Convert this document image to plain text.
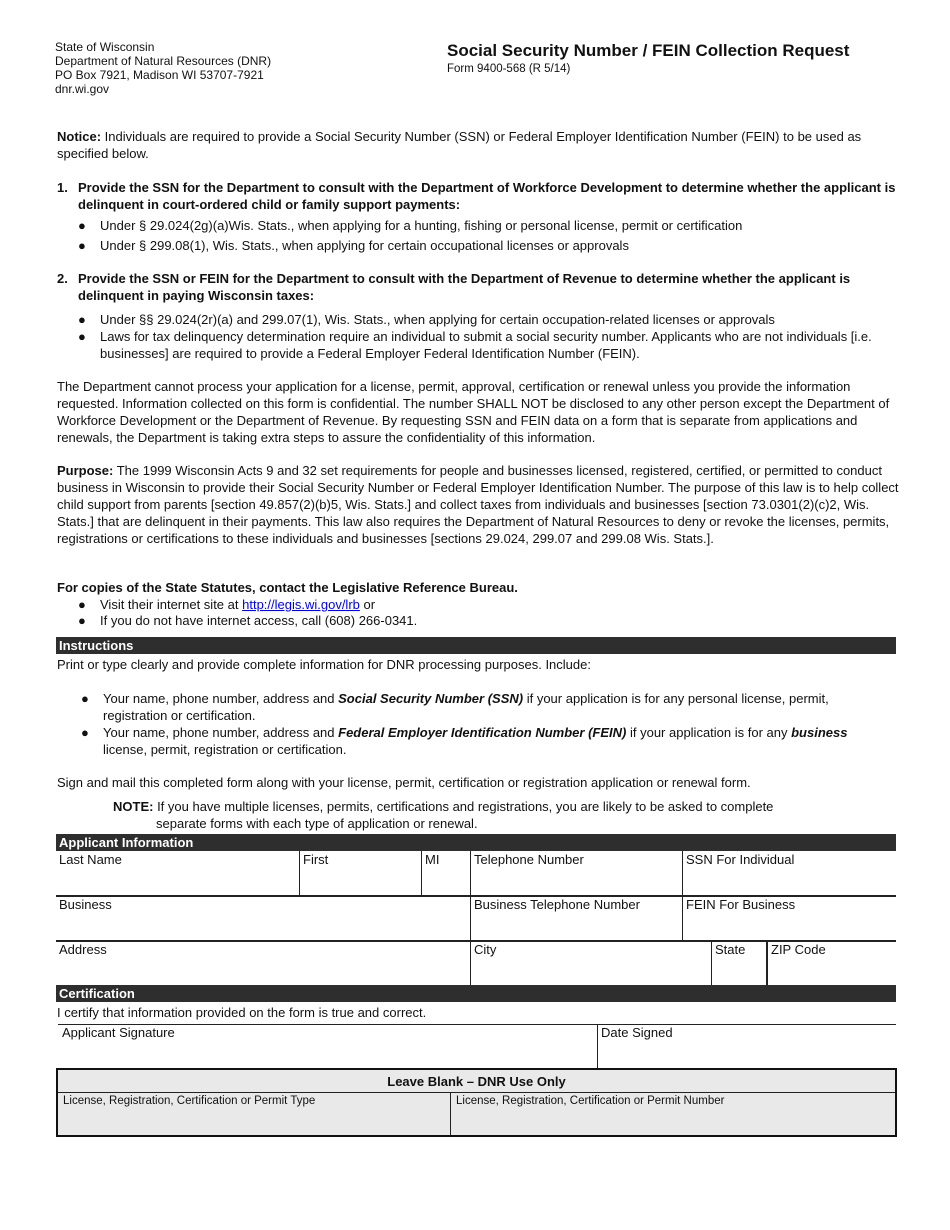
State of Wisconsin
Department of Natural Resources (DNR)
PO Box 7921, Madison WI 53707-7921
dnr.wi.gov
Social Security Number / FEIN Collection Request
Form 9400-568 (R 5/14)
Notice: Individuals are required to provide a Social Security Number (SSN) or Federal Employer Identification Number (FEIN) to be used as specified below.
1. Provide the SSN for the Department to consult with the Department of Workforce Development to determine whether the applicant is delinquent in court-ordered child or family support payments:
● Under § 29.024(2g)(a)Wis. Stats., when applying for a hunting, fishing or personal license, permit or certification
● Under § 299.08(1), Wis. Stats., when applying for certain occupational licenses or approvals
2. Provide the SSN or FEIN for the Department to consult with the Department of Revenue to determine whether the applicant is delinquent in paying Wisconsin taxes:
● Under §§ 29.024(2r)(a) and 299.07(1), Wis. Stats., when applying for certain occupation-related licenses or approvals
● Laws for tax delinquency determination require an individual to submit a social security number. Applicants who are not individuals [i.e. businesses] are required to provide a Federal Employer Federal Identification Number (FEIN).
The Department cannot process your application for a license, permit, approval, certification or renewal unless you provide the information requested. Information collected on this form is confidential. The number SHALL NOT be disclosed to any other person except the Department of Workforce Development or the Department of Revenue. By requesting SSN and FEIN data on a form that is separate from applications and renewals, the Department is taking extra steps to assure the confidentiality of this information.
Purpose: The 1999 Wisconsin Acts 9 and 32 set requirements for people and businesses licensed, registered, certified, or permitted to conduct business in Wisconsin to provide their Social Security Number or Federal Employer Identification Number. The purpose of this law is to help collect child support from parents [section 49.857(2)(b)5, Wis. Stats.] and collect taxes from individuals and businesses [section 73.0301(2)(c)2, Wis. Stats.] that are delinquent in their payments. This law also requires the Department of Natural Resources to deny or revoke the licenses, permits, registrations or certifications to these individuals and businesses [sections 29.024, 299.07 and 299.08 Wis. Stats.].
For copies of the State Statutes, contact the Legislative Reference Bureau.
● Visit their internet site at http://legis.wi.gov/lrb or
● If you do not have internet access, call (608) 266-0341.
Instructions
Print or type clearly and provide complete information for DNR processing purposes. Include:
● Your name, phone number, address and Social Security Number (SSN) if your application is for any personal license, permit, registration or certification.
● Your name, phone number, address and Federal Employer Identification Number (FEIN) if your application is for any business license, permit, registration or certification.
Sign and mail this completed form along with your license, permit, certification or registration application or renewal form.
NOTE: If you have multiple licenses, permits, certifications and registrations, you are likely to be asked to complete
separate forms with each type of application or renewal.
Applicant Information
Last Name	First	MI	Telephone Number	SSN For Individual
Business	Business Telephone Number	FEIN For Business
Address	City	State	ZIP Code
Certification
I certify that information provided on the form is true and correct.
Applicant Signature	Date Signed
Leave Blank – DNR Use Only
License, Registration, Certification or Permit Type	License, Registration, Certification or Permit Number
